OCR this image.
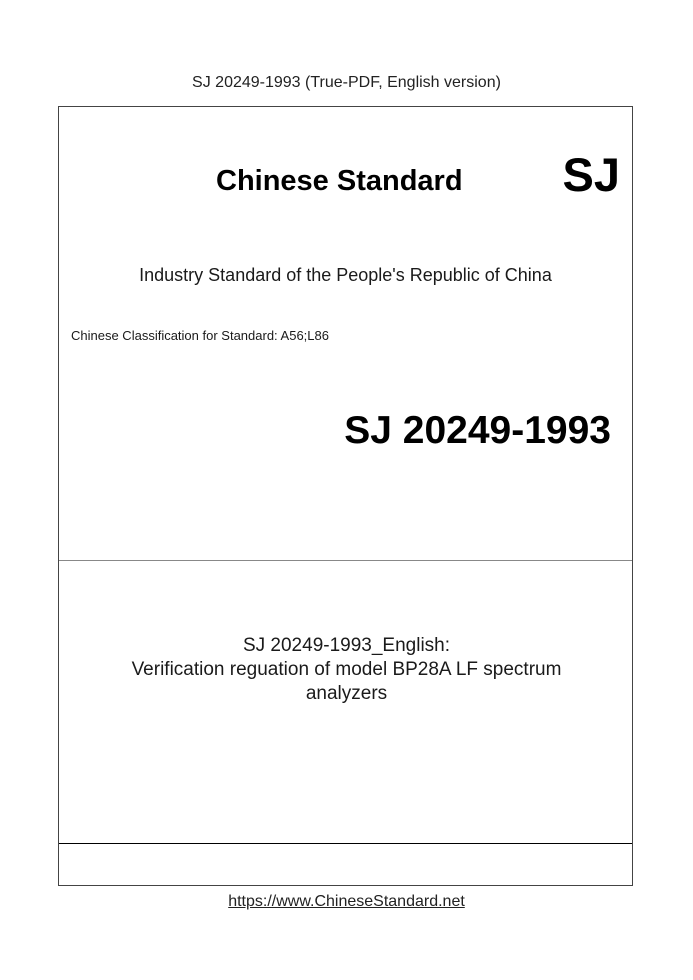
SJ 20249-1993 (True-PDF, English version)
Chinese Standard SJ
Industry Standard of the People's Republic of China
Chinese Classification for Standard: A56;L86
SJ 20249-1993
SJ 20249-1993_English:
Verification reguation of model BP28A LF spectrum
analyzers
https://www.ChineseStandard.net
